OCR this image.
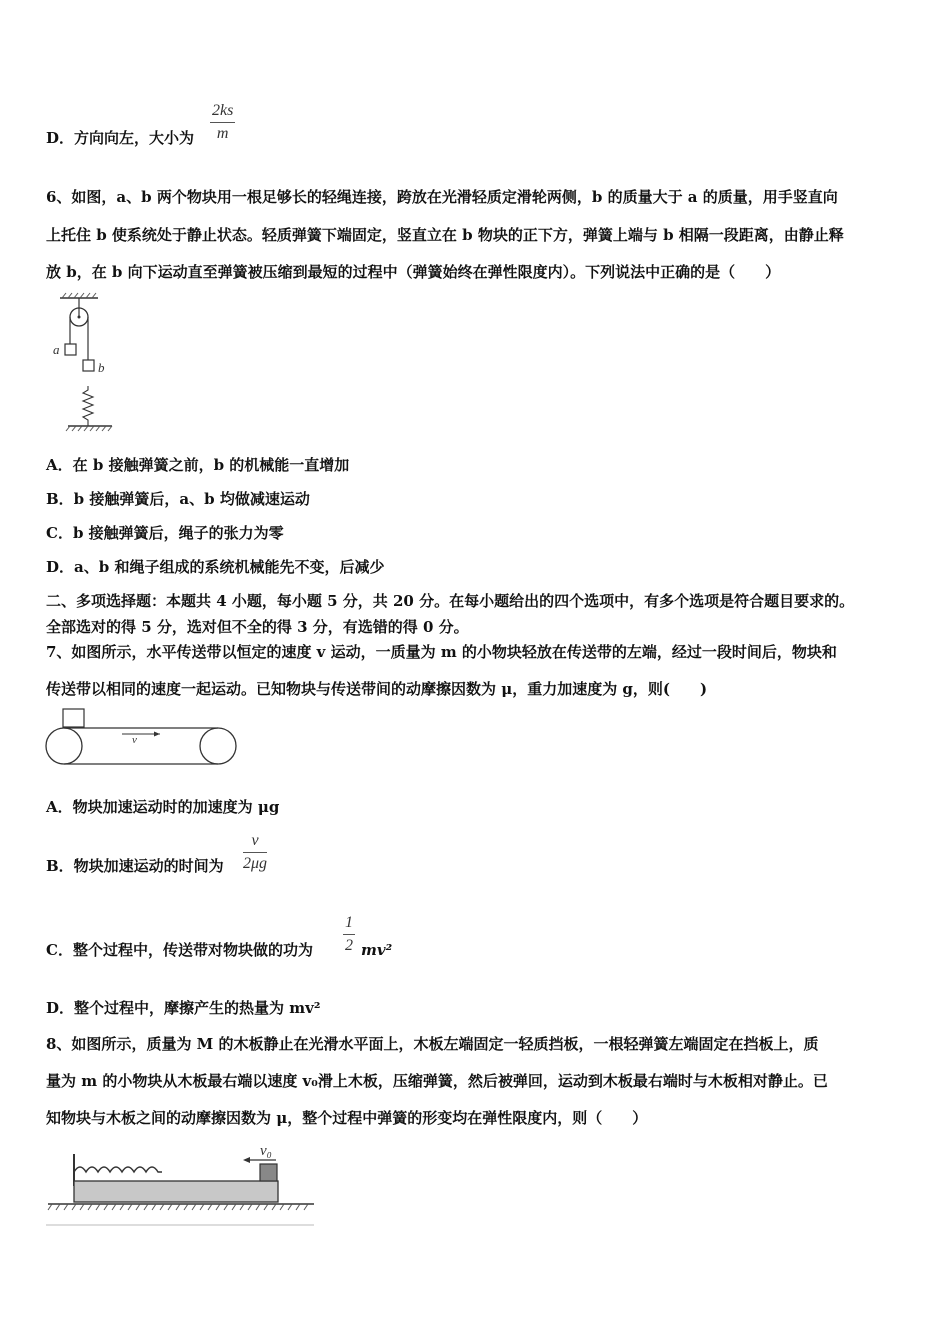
D．方向向左，大小为 $\frac{2ks}{m}$
6、如图，a、b 两个物块用一根足够长的轻绳连接，跨放在光滑轻质定滑轮两侧，b 的质量大于 a 的质量，用手竖直向
上托住 b 使系统处于静止状态。轻质弹簧下端固定，竖直立在 b 物块的正下方，弹簧上端与 b 相隔一段距离，由静止释
放 b，在 b 向下运动直至弹簧被压缩到最短的过程中（弹簧始终在弹性限度内）。下列说法中正确的是（　　）
a
b
A．在 b 接触弹簧之前，b 的机械能一直增加
B．b 接触弹簧后，a、b 均做减速运动
C．b 接触弹簧后，绳子的张力为零
D．a、b 和绳子组成的系统机械能先不变，后减少
二、多项选择题：本题共 4 小题，每小题 5 分，共 20 分。在每小题给出的四个选项中，有多个选项是符合题目要求的。
全部选对的得 5 分，选对但不全的得 3 分，有选错的得 0 分。
7、如图所示，水平传送带以恒定的速度 v 运动，一质量为 m 的小物块轻放在传送带的左端，经过一段时间后，物块和
传送带以相同的速度一起运动。已知物块与传送带间的动摩擦因数为 μ，重力加速度为 g，则(　　)
v
A．物块加速运动时的加速度为 μg
B．物块加速运动的时间为 $\frac{v}{2\mu g}$
C．整个过程中，传送带对物块做的功为 $\frac{1}{2} mv^2$
D．整个过程中，摩擦产生的热量为 mv²
8、如图所示，质量为 M 的木板静止在光滑水平面上，木板左端固定一轻质挡板，一根轻弹簧左端固定在挡板上，质
量为 m 的小物块从木板最右端以速度 v₀滑上木板，压缩弹簧，然后被弹回，运动到木板最右端时与木板相对静止。已
知物块与木板之间的动摩擦因数为 μ，整个过程中弹簧的形变均在弹性限度内，则（　　）
v₀
